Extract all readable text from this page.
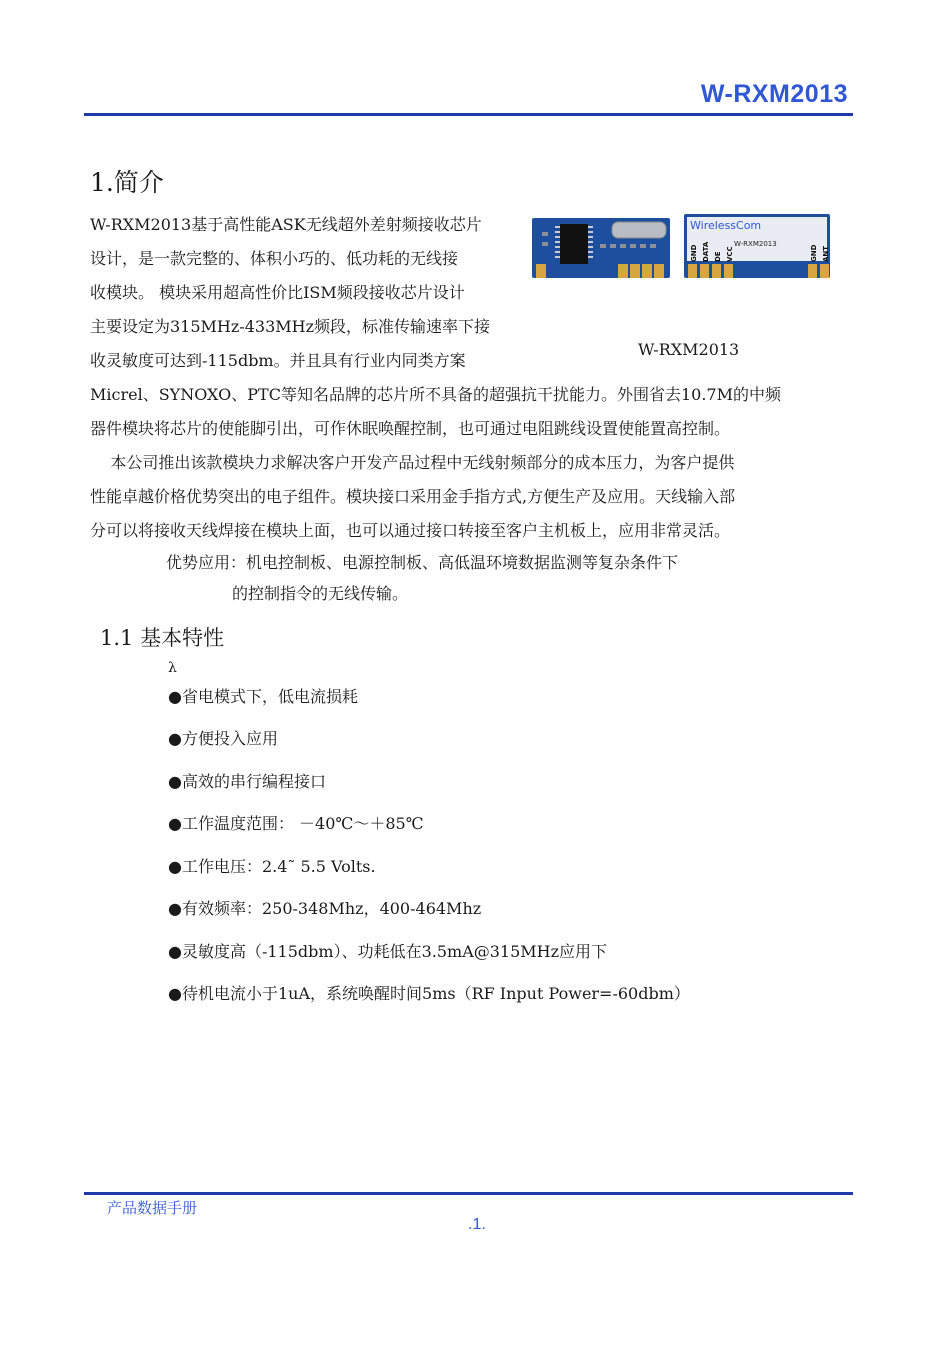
W-RXM2013
1.简介
W-RXM2013基于高性能ASK无线超外差射频接收芯片
设计，是一款完整的、体积小巧的、低功耗的无线接
收模块。 模块采用超高性价比ISM频段接收芯片设计
主要设定为315MHz-433MHz频段，标准传输速率下接
收灵敏度可达到-115dbm。并且具有行业内同类方案
WirelessCom
W-RXM2013
GND DATA DE VCC	GND ANT
W-RXM2013
Micrel、SYNOXO、PTC等知名品牌的芯片所不具备的超强抗干扰能力。外围省去10.7M的中频
器件模块将芯片的使能脚引出，可作休眠唤醒控制，也可通过电阻跳线设置使能置高控制。
本公司推出该款模块力求解决客户开发产品过程中无线射频部分的成本压力，为客户提供
性能卓越价格优势突出的电子组件。模块接口采用金手指方式,方便生产及应用。天线输入部
分可以将接收天线焊接在模块上面，也可以通过接口转接至客户主机板上，应用非常灵活。
优势应用：机电控制板、电源控制板、高低温环境数据监测等复杂条件下
的控制指令的无线传输。
1.1 基本特性
λ
●省电模式下，低电流损耗
●方便投入应用
●高效的串行编程接口
●工作温度范围： －40℃～＋85℃
●工作电压：2.4˜ 5.5 Volts.
●有效频率：250-348Mhz，400-464Mhz
●灵敏度高（-115dbm）、功耗低在3.5mA@315MHz应用下
●待机电流小于1uA，系统唤醒时间5ms（RF Input Power=-60dbm）
产品数据手册
.1.
